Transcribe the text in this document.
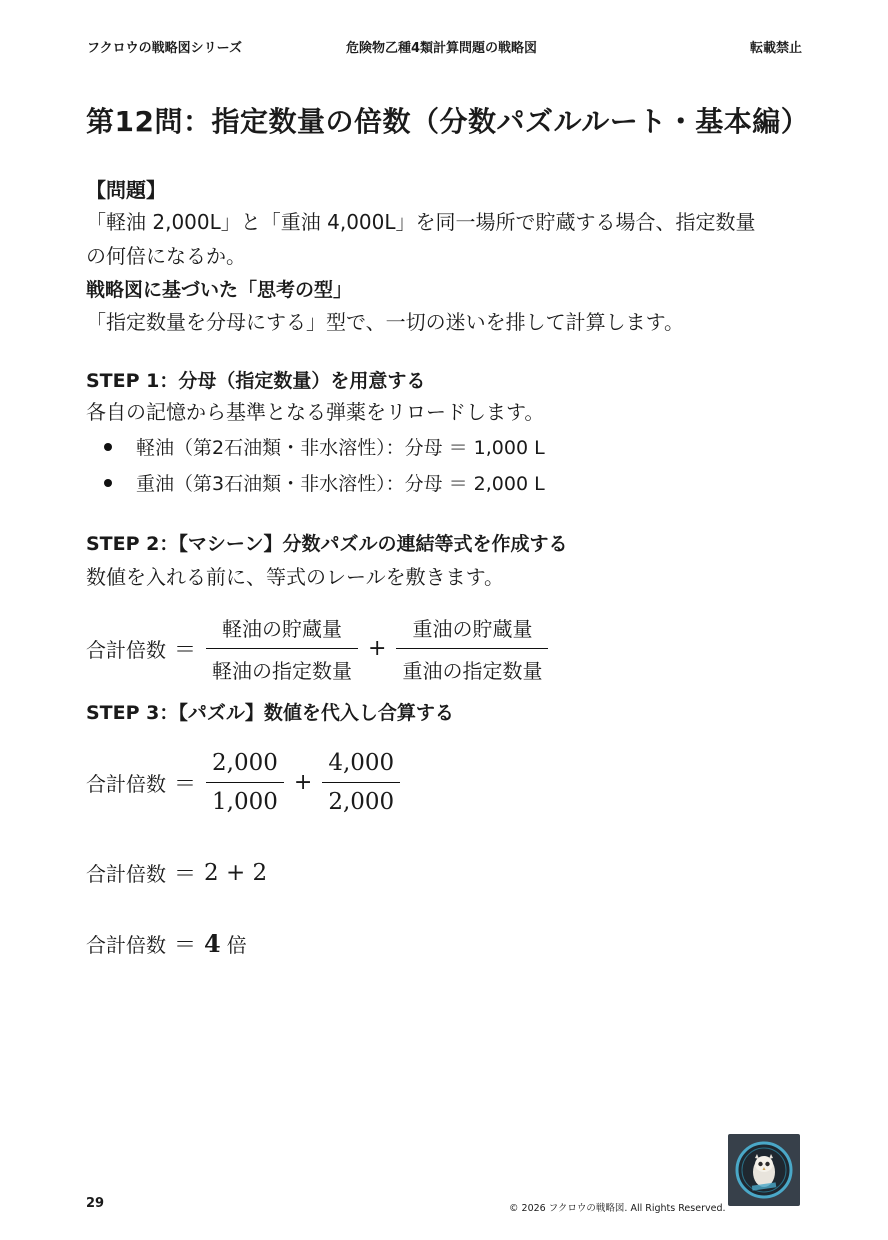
フクロウの戦略図シリーズ	危険物乙種4類計算問題の戦略図	転載禁止
第12問：指定数量の倍数（分数パズルルート・基本編）
【問題】
「軽油 2,000L」と「重油 4,000L」を同一場所で貯蔵する場合、指定数量
の何倍になるか。
戦略図に基づいた「思考の型」
「指定数量を分母にする」型で、一切の迷いを排して計算します。
STEP 1：分母（指定数量）を用意する
各自の記憶から基準となる弾薬をリロードします。
軽油（第2石油類・非水溶性）：分母 ＝ 1,000 L
重油（第3石油類・非水溶性）：分母 ＝ 2,000 L
STEP 2：【マシーン】分数パズルの連結等式を作成する
数値を入れる前に、等式のレールを敷きます。
合計倍数 ＝ $\frac{\text{軽油の貯蔵量}}{\text{軽油の指定数量}} + \frac{\text{重油の貯蔵量}}{\text{重油の指定数量}}$
STEP 3：【パズル】数値を代入し合算する
合計倍数 ＝ $\frac{2,000}{1,000} + \frac{4,000}{2,000}$
合計倍数 ＝ 2 + 2
合計倍数 ＝ 4 倍
29	© 2026 フクロウの戦略図. All Rights Reserved.
